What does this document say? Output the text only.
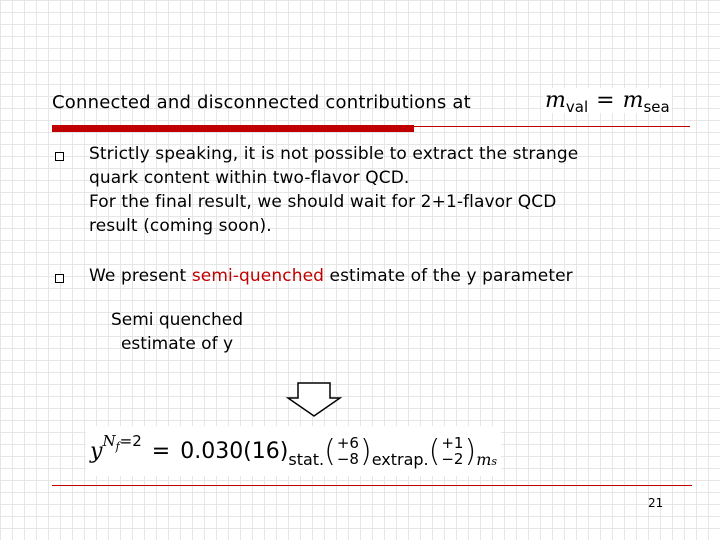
Connected and disconnected contributions at	$m_{val} = m_{sea}$
Strictly speaking, it is not possible to extract the strange
quark content within two-flavor QCD.
For the final result, we should wait for 2+1-flavor QCD
result (coming soon).
We present semi-quenched estimate of the y parameter
Semi quenched
estimate of y
y $N_f=2 = 0.030(16)$ stat. ( +6
−8 ) extrap. ( +1
−2 ) ms
21
